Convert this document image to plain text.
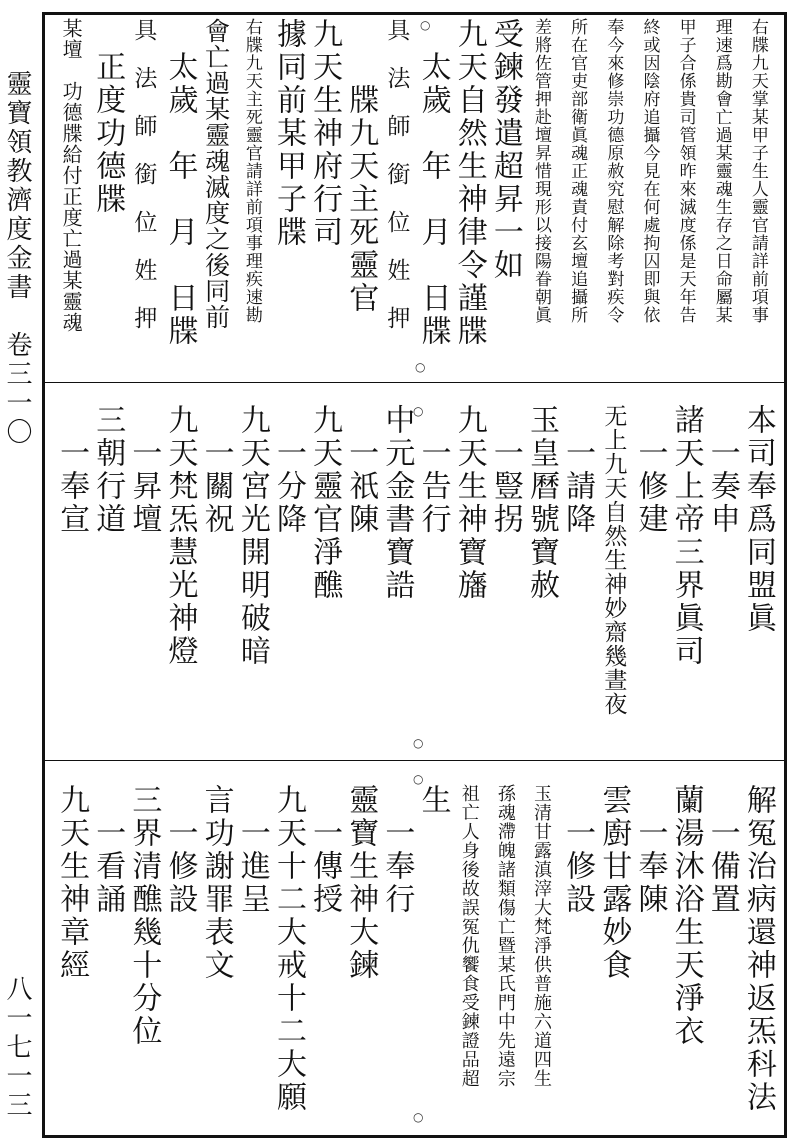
靈寶領教濟度金書　卷三一〇
八一七一三
右牒九天掌某甲子生人靈官請詳前項事
理速爲勘會亡過某靈魂生存之日命屬某
甲子合係貴司管領昨來滅度係是天年告
終或因陰府追攝今見在何處拘囚即與依
奉今來修崇功德原赦究慰解除考對疾令
所在官吏部衛眞魂正魂責付玄壇追攝所
差將佐管押赴壇昇惜現形以接陽眷朝眞
受鍊發遣超昇一如
九天自然生神律令謹牒
太歲　年　月　日牒
具　法　師　銜　位　姓　押
牒九天主死靈官
九天生神府行司
據同前某甲子牒
右牒九天主死靈官請詳前項事理疾速勘
會亡過某靈魂滅度之後同前
太歲　年　月　日牒
具　法　師　銜　位　姓　押
正度功德牒
某壇　功德牒給付正度亡過某靈魂
本司奉爲同盟眞
一奏申
諸天上帝三界眞司
一修建
无上九天自然生神妙齋幾晝夜
一請降
玉皇曆號寶赦
一豎拐
九天生神寶旛
一告行
中元金書寶誥
一祇陳
九天靈官淨醮
一分降
九天宮光開明破暗
一關祝
九天梵炁慧光神燈
一昇壇
三朝行道
一奉宣
解冤治病還神返炁科法
一備置
蘭湯沐浴生天淨衣
一奉陳
雲廚甘露妙食
一修設
玉清甘露滇滓大梵淨供普施六道四生
孫魂滯魄諸類傷亡暨某氏門中先遠宗
祖亡人身後故誤冤仇饗食受鍊證品超
生
一奉行
靈寶生神大鍊
一傳授
九天十二大戒十二大願
一進呈
言功謝罪表文
一修設
三界清醮幾十分位
一看誦
九天生神章經
○
○
○
○
○
○
